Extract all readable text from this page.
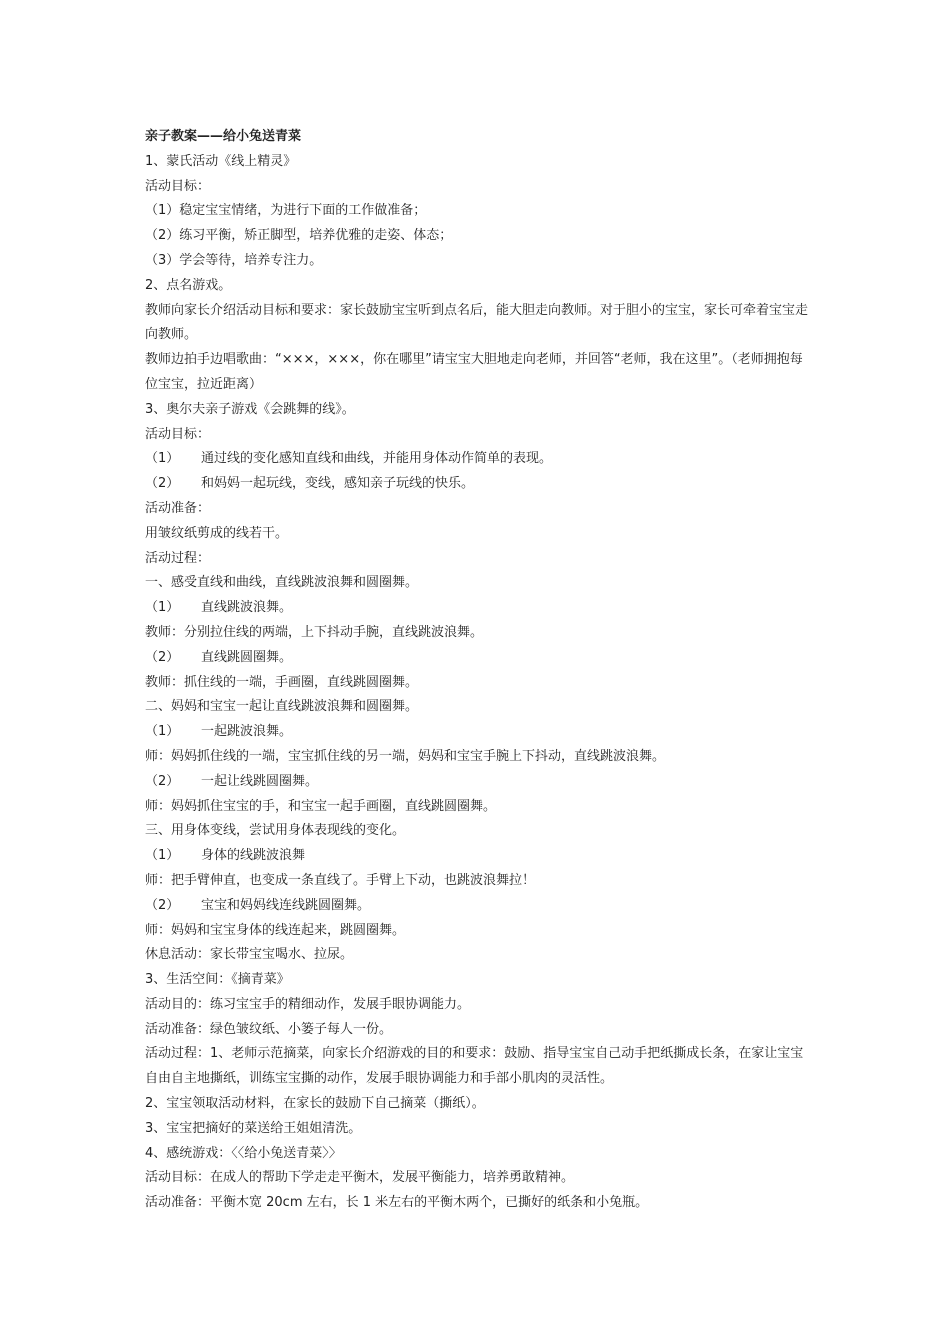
亲子教案——给小兔送青菜
1、蒙氏活动《线上精灵》
活动目标：
（1）稳定宝宝情绪，为进行下面的工作做准备；
（2）练习平衡，矫正脚型，培养优雅的走姿、体态；
（3）学会等待，培养专注力。
2、点名游戏。
教师向家长介绍活动目标和要求：家长鼓励宝宝听到点名后，能大胆走向教师。对于胆小的宝宝，家长可牵着宝宝走向教师。
教师边拍手边唱歌曲：“×××，×××，你在哪里”请宝宝大胆地走向老师，并回答“老师，我在这里”。（老师拥抱每位宝宝，拉近距离）
3、奥尔夫亲子游戏《会跳舞的线》。
活动目标：
（1） 通过线的变化感知直线和曲线，并能用身体动作简单的表现。
（2） 和妈妈一起玩线，变线，感知亲子玩线的快乐。
活动准备：
用皱纹纸剪成的线若干。
活动过程：
一、感受直线和曲线，直线跳波浪舞和圆圈舞。
（1） 直线跳波浪舞。
教师：分别拉住线的两端，上下抖动手腕，直线跳波浪舞。
（2） 直线跳圆圈舞。
教师：抓住线的一端，手画圈，直线跳圆圈舞。
二、妈妈和宝宝一起让直线跳波浪舞和圆圈舞。
（1） 一起跳波浪舞。
师：妈妈抓住线的一端，宝宝抓住线的另一端，妈妈和宝宝手腕上下抖动，直线跳波浪舞。
（2） 一起让线跳圆圈舞。
师：妈妈抓住宝宝的手，和宝宝一起手画圈，直线跳圆圈舞。
三、用身体变线，尝试用身体表现线的变化。
（1） 身体的线跳波浪舞
师：把手臂伸直，也变成一条直线了。手臂上下动，也跳波浪舞拉！
（2） 宝宝和妈妈线连线跳圆圈舞。
师：妈妈和宝宝身体的线连起来，跳圆圈舞。
休息活动：家长带宝宝喝水、拉尿。
3、生活空间：《摘青菜》
活动目的：练习宝宝手的精细动作，发展手眼协调能力。
活动准备：绿色皱纹纸、小篓子每人一份。
活动过程：1、老师示范摘菜，向家长介绍游戏的目的和要求：鼓励、指导宝宝自己动手把纸撕成长条，在家让宝宝自由自主地撕纸，训练宝宝撕的动作，发展手眼协调能力和手部小肌肉的灵活性。
2、宝宝领取活动材料，在家长的鼓励下自己摘菜（撕纸）。
3、宝宝把摘好的菜送给王姐姐清洗。
4、感统游戏：〈〈给小兔送青菜〉〉
活动目标：在成人的帮助下学走走平衡木，发展平衡能力，培养勇敢精神。
活动准备：平衡木宽 20cm 左右，长 1 米左右的平衡木两个，已撕好的纸条和小兔瓶。
